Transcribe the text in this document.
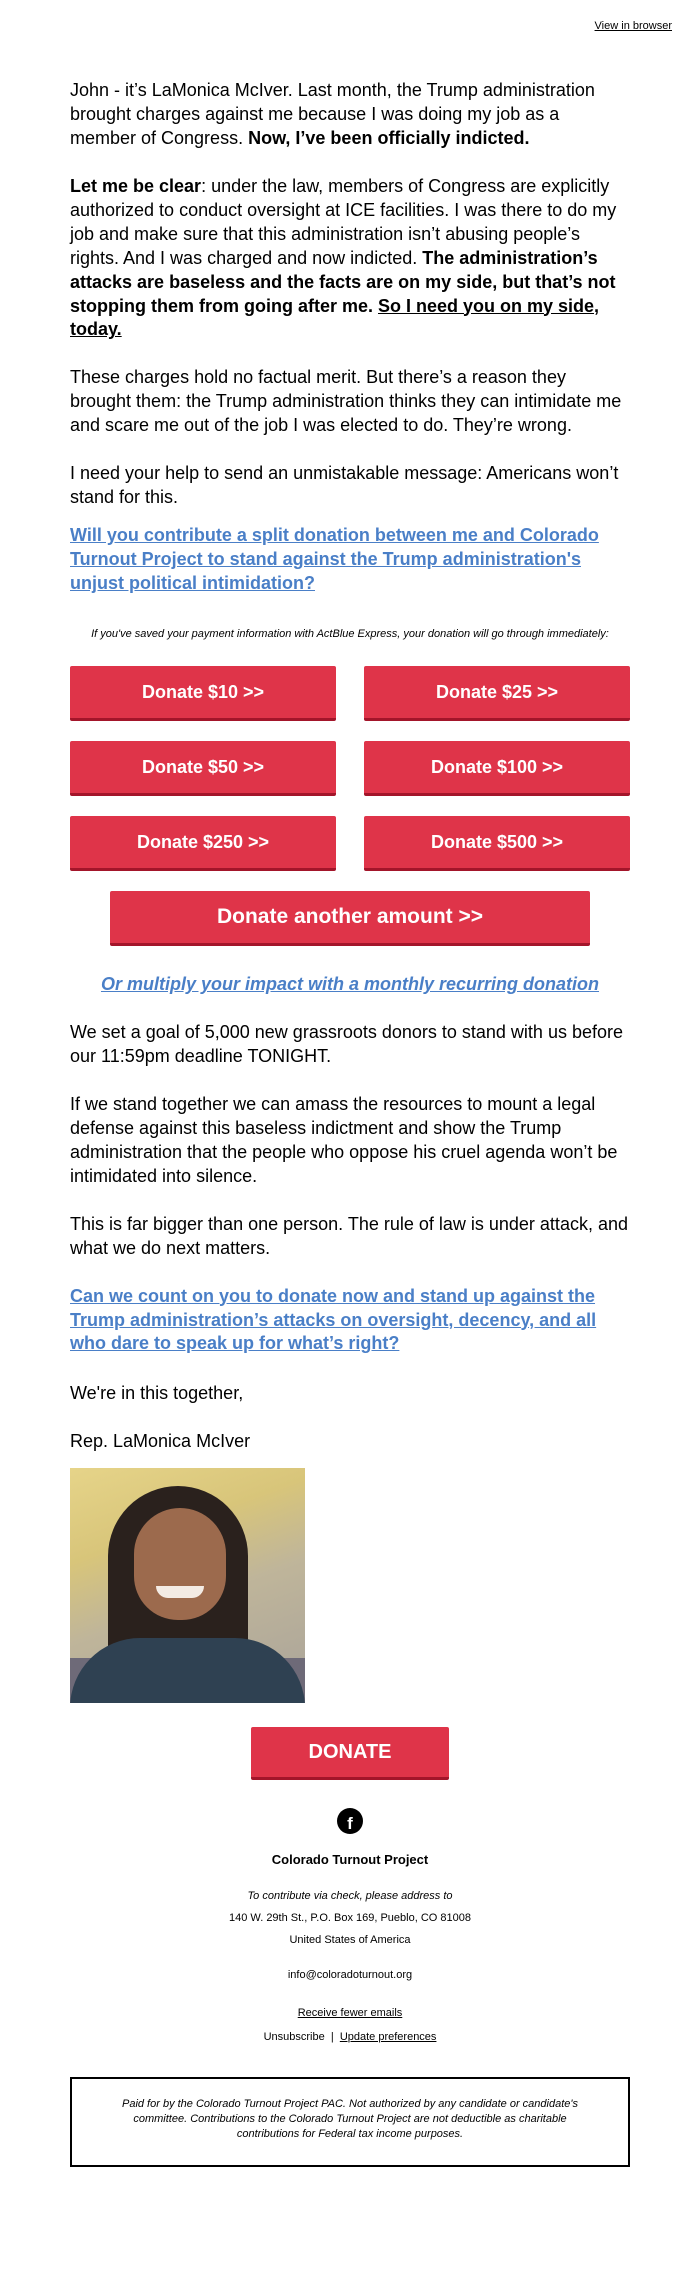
View in browser

John - it’s LaMonica McIver. Last month, the Trump administration brought charges against me because I was doing my job as a member of Congress. Now, I’ve been officially indicted.

Let me be clear: under the law, members of Congress are explicitly authorized to conduct oversight at ICE facilities. I was there to do my job and make sure that this administration isn’t abusing people’s rights. And I was charged and now indicted. The administration’s attacks are baseless and the facts are on my side, but that’s not stopping them from going after me. So I need you on my side, today.

These charges hold no factual merit. But there’s a reason they brought them: the Trump administration thinks they can intimidate me and scare me out of the job I was elected to do. They’re wrong.

I need your help to send an unmistakable message: Americans won’t stand for this.

Will you contribute a split donation between me and Colorado Turnout Project to stand against the Trump administration's unjust political intimidation?

If you've saved your payment information with ActBlue Express, your donation will go through immediately:

Donate $10 >>	Donate $25 >>
Donate $50 >>	Donate $100 >>
Donate $250 >>	Donate $500 >>
Donate another amount >>
Or multiply your impact with a monthly recurring donation

We set a goal of 5,000 new grassroots donors to stand with us before our 11:59pm deadline TONIGHT.

If we stand together we can amass the resources to mount a legal defense against this baseless indictment and show the Trump administration that the people who oppose his cruel agenda won’t be intimidated into silence.

This is far bigger than one person. The rule of law is under attack, and what we do next matters.

Can we count on you to donate now and stand up against the Trump administration’s attacks on oversight, decency, and all who dare to speak up for what’s right?

We're in this together,

Rep. LaMonica McIver

DONATE
f
Colorado Turnout Project
To contribute via check, please address to
140 W. 29th St., P.O. Box 169, Pueblo, CO 81008
United States of America
info@coloradoturnout.org
Receive fewer emails
Unsubscribe | Update preferences
Paid for by the Colorado Turnout Project PAC. Not authorized by any candidate or candidate's committee. Contributions to the Colorado Turnout Project are not deductible as charitable contributions for Federal tax income purposes.
